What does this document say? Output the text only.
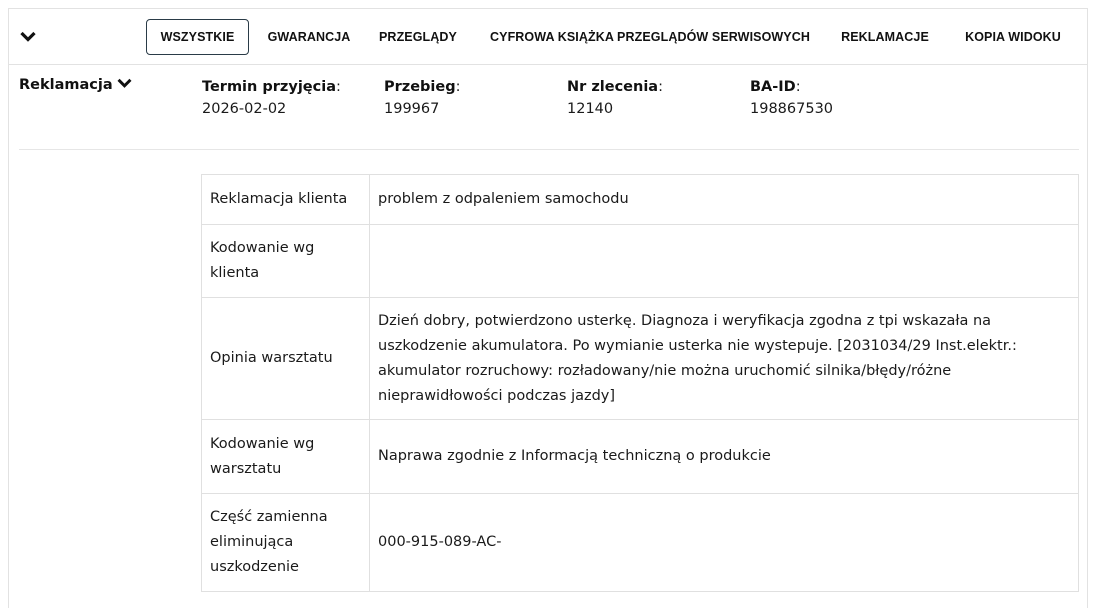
WSZYSTKIE	GWARANCJA	PRZEGLĄDY	CYFROWA KSIĄŻKA PRZEGLĄDÓW SERWISOWYCH	REKLAMACJE	KOPIA WIDOKU
Reklamacja	Termin przyjęcia:
2026-02-02
Przebieg:
199967
Nr zlecenia:
12140
BA-ID:
198867530
Reklamacja klienta	problem z odpaleniem samochodu
Kodowanie wg klienta	
Opinia warsztatu	Dzień dobry, potwierdzono usterkę. Diagnoza i weryfikacja zgodna z tpi wskazała na uszkodzenie akumulatora. Po wymianie usterka nie wystepuje. [2031034/29 Inst.elektr.: akumulator rozruchowy: rozładowany/nie można uruchomić silnika/błędy/różne nieprawidłowości podczas jazdy]
Kodowanie wg warsztatu	Naprawa zgodnie z Informacją techniczną o produkcie
Część zamienna eliminująca uszkodzenie	000-915-089-AC-
